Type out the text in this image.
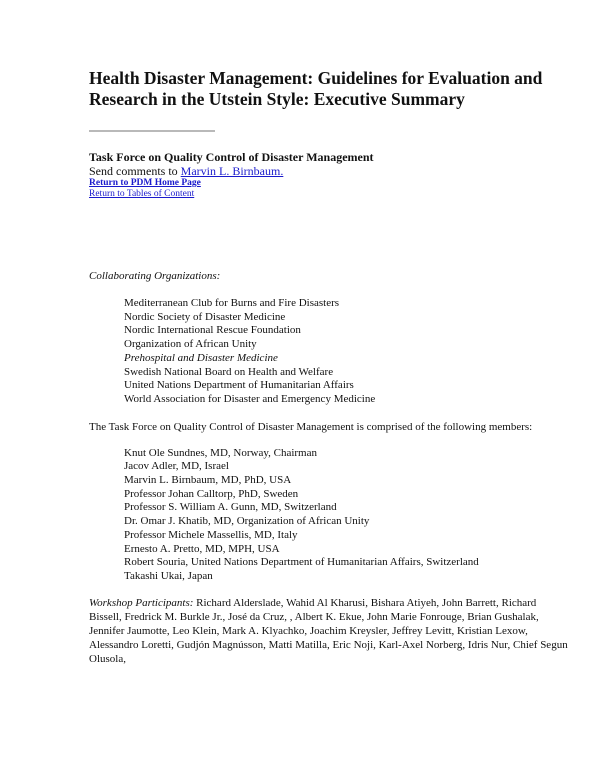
Health Disaster Management: Guidelines for Evaluation and Research in the Utstein Style: Executive Summary
Task Force on Quality Control of Disaster Management
Send comments to Marvin L. Birnbaum.
Return to PDM Home Page
Return to Tables of Content
Collaborating Organizations:
Mediterranean Club for Burns and Fire Disasters
Nordic Society of Disaster Medicine
Nordic International Rescue Foundation
Organization of African Unity
Prehospital and Disaster Medicine
Swedish National Board on Health and Welfare
United Nations Department of Humanitarian Affairs
World Association for Disaster and Emergency Medicine
The Task Force on Quality Control of Disaster Management is comprised of the following members:
Knut Ole Sundnes, MD, Norway, Chairman
Jacov Adler, MD, Israel
Marvin L. Birnbaum, MD, PhD, USA
Professor Johan Calltorp, PhD, Sweden
Professor S. William A. Gunn, MD, Switzerland
Dr. Omar J. Khatib, MD, Organization of African Unity
Professor Michele Massellis, MD, Italy
Ernesto A. Pretto, MD, MPH, USA
Robert Souria, United Nations Department of Humanitarian Affairs, Switzerland
Takashi Ukai, Japan
Workshop Participants: Richard Alderslade, Wahid Al Kharusi, Bishara Atiyeh, John Barrett, Richard Bissell, Fredrick M. Burkle Jr., José da Cruz, , Albert K. Ekue, John Marie Fonrouge, Brian Gushalak, Jennifer Jaumotte, Leo Klein, Mark A. Klyachko, Joachim Kreysler, Jeffrey Levitt, Kristian Lexow, Alessandro Loretti, Gudjón Magnússon, Matti Matilla, Eric Noji, Karl-Axel Norberg, Idris Nur, Chief Segun Olusola,
